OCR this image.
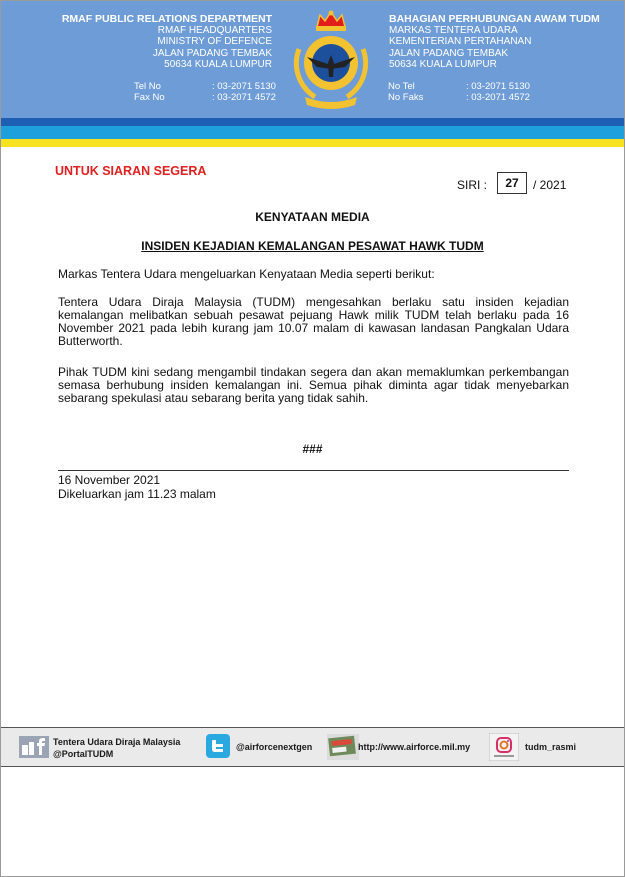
RMAF PUBLIC RELATIONS DEPARTMENT
RMAF HEADQUARTERS
MINISTRY OF DEFENCE
JALAN PADANG TEMBAK
50634 KUALA LUMPUR
Tel No	: 03-2071 5130
Fax No	: 03-2071 4572
BAHAGIAN PERHUBUNGAN AWAM TUDM
MARKAS TENTERA UDARA
KEMENTERIAN PERTAHANAN
JALAN PADANG TEMBAK
50634 KUALA LUMPUR
No Tel	: 03-2071 5130
No Faks	: 03-2071 4572
UNTUK SIARAN SEGERA
SIRI :	27	/ 2021
KENYATAAN MEDIA
INSIDEN KEJADIAN KEMALANGAN PESAWAT HAWK TUDM
Markas Tentera Udara mengeluarkan Kenyataan Media seperti berikut:
Tentera Udara Diraja Malaysia (TUDM) mengesahkan berlaku satu insiden kejadian kemalangan melibatkan sebuah pesawat pejuang Hawk milik TUDM telah berlaku pada 16 November 2021 pada lebih kurang jam 10.07 malam di kawasan landasan Pangkalan Udara Butterworth.
Pihak TUDM kini sedang mengambil tindakan segera dan akan memaklumkan perkembangan semasa berhubung insiden kemalangan ini. Semua pihak diminta agar tidak menyebarkan sebarang spekulasi atau sebarang berita yang tidak sahih.
###
16 November 2021
Dikeluarkan jam 11.23 malam
Tentera Udara Diraja Malaysia
@PortalTUDM
@airforcenextgen	http://www.airforce.mil.my	tudm_rasmi
